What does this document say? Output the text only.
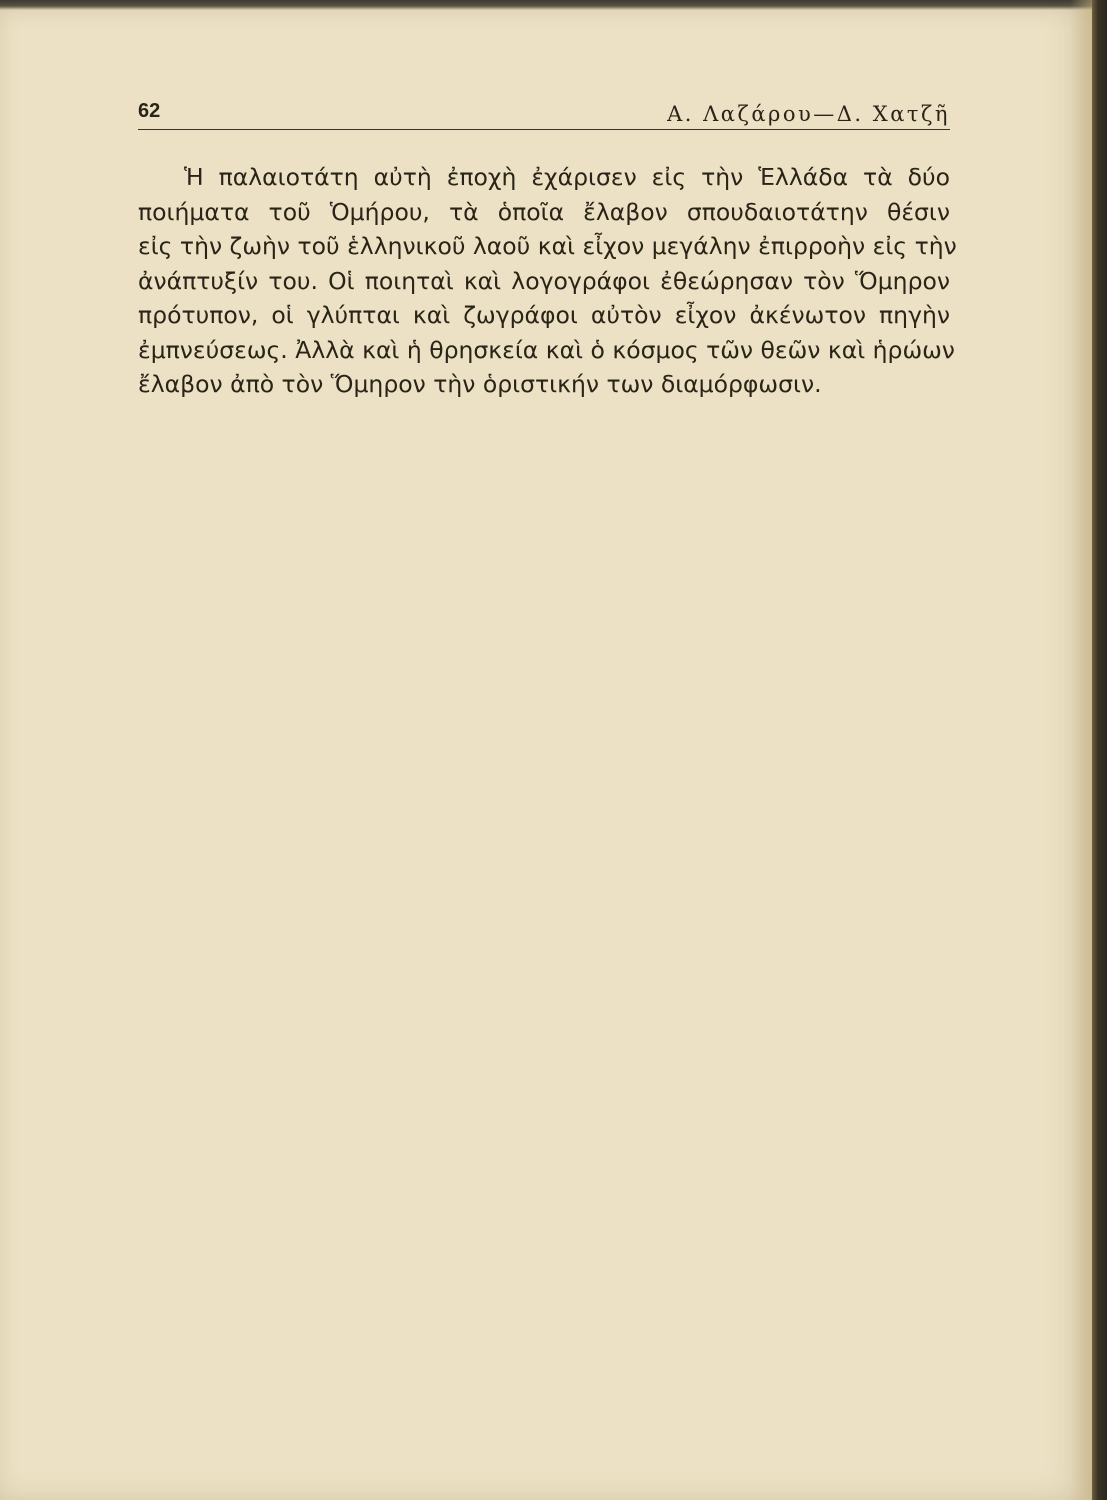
62	Α. Λαζάρου—Δ. Χατζῆ
Ἡ παλαιοτάτη αὐτὴ ἐποχὴ ἐχάρισεν εἰς τὴν Ἑλλάδα τὰ δύο
ποιήματα τοῦ Ὁμήρου, τὰ ὁποῖα ἔλαβον σπουδαιοτάτην θέσιν
εἰς τὴν ζωὴν τοῦ ἑλληνικοῦ λαοῦ καὶ εἶχον μεγάλην ἐπιρροὴν εἰς τὴν
ἀνάπτυξίν του. Οἱ ποιηταὶ καὶ λογογράφοι ἐθεώρησαν τὸν Ὅμηρον
πρότυπον, οἱ γλύπται καὶ ζωγράφοι αὐτὸν εἶχον ἀκένωτον πηγὴν
ἐμπνεύσεως. Ἀλλὰ καὶ ἡ θρησκεία καὶ ὁ κόσμος τῶν θεῶν καὶ ἡρώων
ἔλαβον ἀπὸ τὸν Ὅμηρον τὴν ὁριστικήν των διαμόρφωσιν.
